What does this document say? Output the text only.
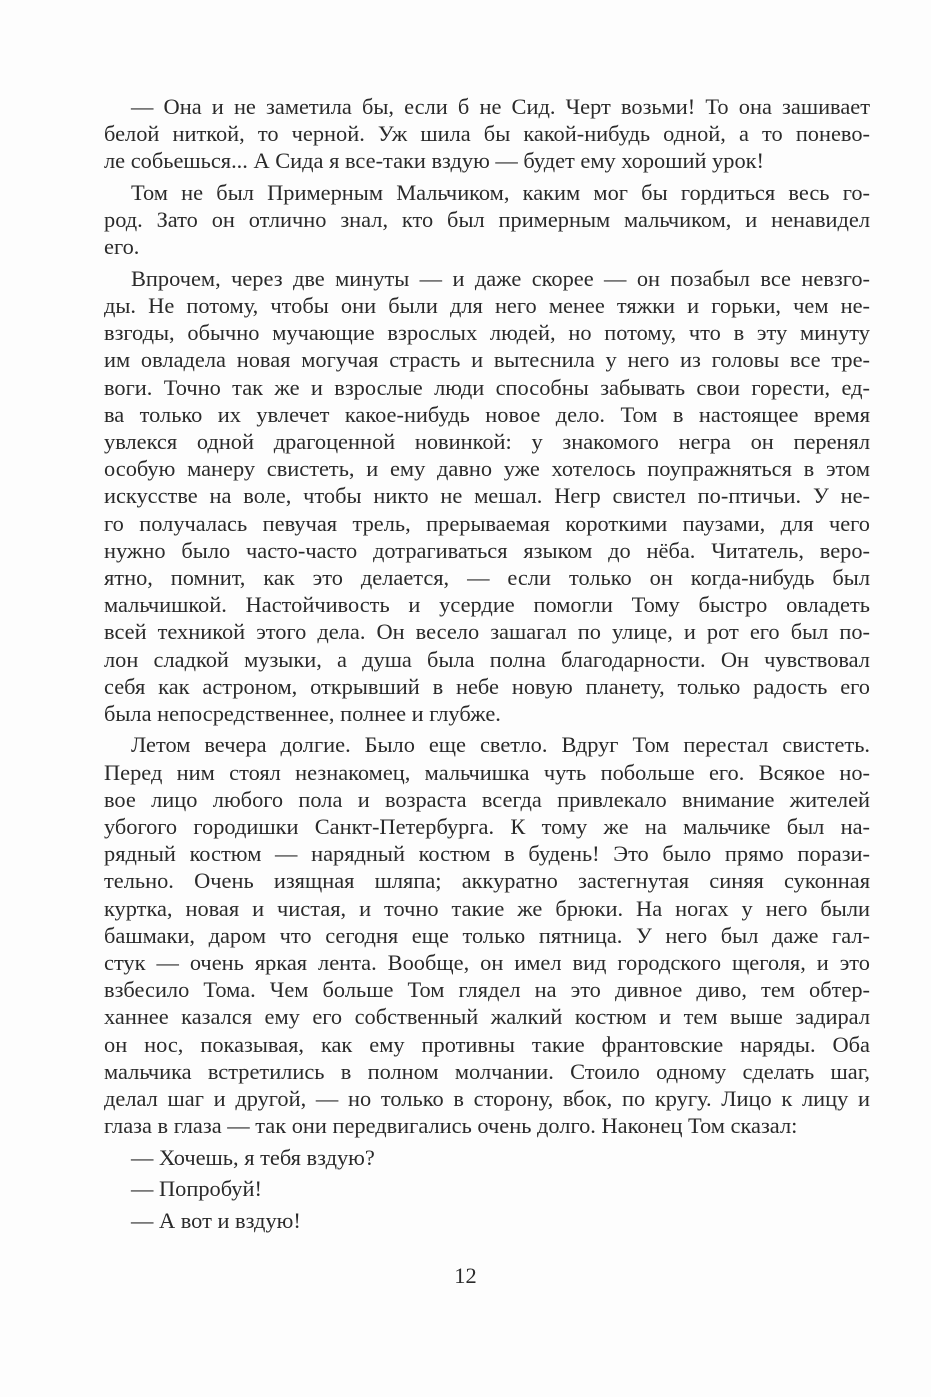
— Она и не заметила бы, если б не Сид. Черт возьми! То она зашивает
белой ниткой, то черной. Уж шила бы какой-нибудь одной, а то понево-
ле собьешься... А Сида я все-таки вздую — будет ему хороший урок!
Том не был Примерным Мальчиком, каким мог бы гордиться весь го-
род. Зато он отлично знал, кто был примерным мальчиком, и ненавидел
его.
Впрочем, через две минуты — и даже скорее — он позабыл все невзго-
ды. Не потому, чтобы они были для него менее тяжки и горьки, чем не-
взгоды, обычно мучающие взрослых людей, но потому, что в эту минуту
им овладела новая могучая страсть и вытеснила у него из головы все тре-
воги. Точно так же и взрослые люди способны забывать свои горести, ед-
ва только их увлечет какое-нибудь новое дело. Том в настоящее время
увлекся одной драгоценной новинкой: у знакомого негра он перенял
особую манеру свистеть, и ему давно уже хотелось поупражняться в этом
искусстве на воле, чтобы никто не мешал. Негр свистел по-птичьи. У не-
го получалась певучая трель, прерываемая короткими паузами, для чего
нужно было часто-часто дотрагиваться языком до нёба. Читатель, веро-
ятно, помнит, как это делается, — если только он когда-нибудь был
мальчишкой. Настойчивость и усердие помогли Тому быстро овладеть
всей техникой этого дела. Он весело зашагал по улице, и рот его был по-
лон сладкой музыки, а душа была полна благодарности. Он чувствовал
себя как астроном, открывший в небе новую планету, только радость его
была непосредственнее, полнее и глубже.
Летом вечера долгие. Было еще светло. Вдруг Том перестал свистеть.
Перед ним стоял незнакомец, мальчишка чуть побольше его. Всякое но-
вое лицо любого пола и возраста всегда привлекало внимание жителей
убогого городишки Санкт-Петербурга. К тому же на мальчике был на-
рядный костюм — нарядный костюм в будень! Это было прямо порази-
тельно. Очень изящная шляпа; аккуратно застегнутая синяя суконная
куртка, новая и чистая, и точно такие же брюки. На ногах у него были
башмаки, даром что сегодня еще только пятница. У него был даже гал-
стук — очень яркая лента. Вообще, он имел вид городского щеголя, и это
взбесило Тома. Чем больше Том глядел на это дивное диво, тем обтер-
ханнее казался ему его собственный жалкий костюм и тем выше задирал
он нос, показывая, как ему противны такие франтовские наряды. Оба
мальчика встретились в полном молчании. Стоило одному сделать шаг,
делал шаг и другой, — но только в сторону, вбок, по кругу. Лицо к лицу и
глаза в глаза — так они передвигались очень долго. Наконец Том сказал:
— Хочешь, я тебя вздую?
— Попробуй!
— А вот и вздую!
12
